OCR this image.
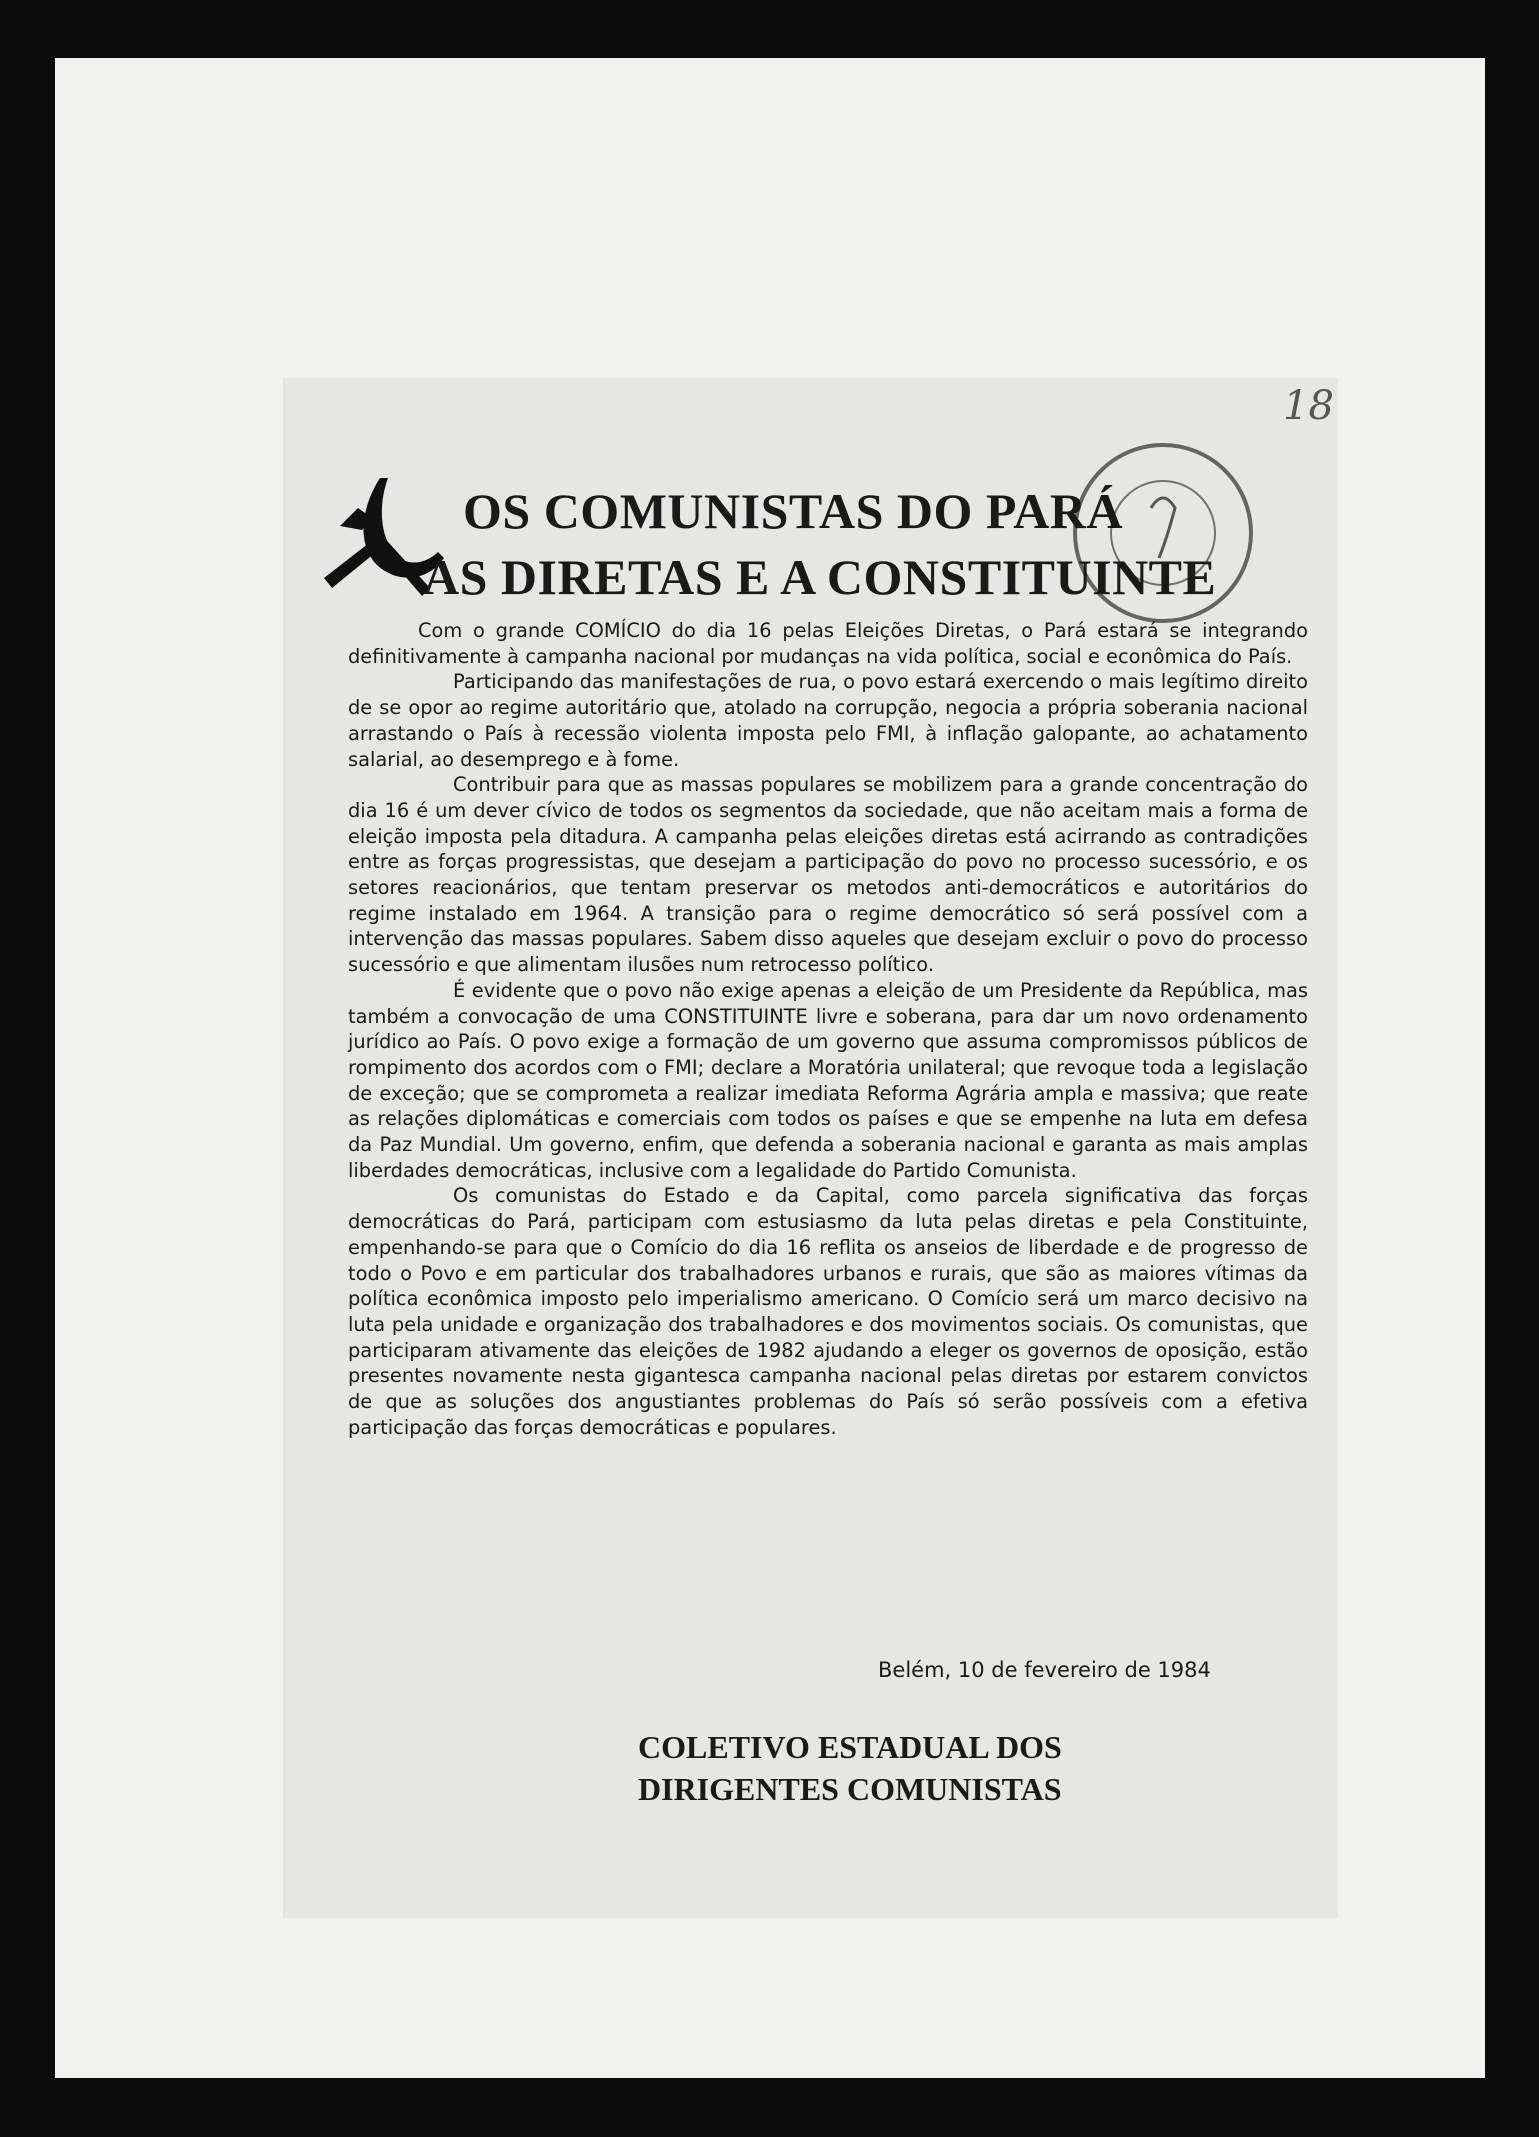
18
OS COMUNISTAS DO PARÁ
AS DIRETAS E A CONSTITUINTE

Com o grande COMÍCIO do dia 16 pelas Eleições Diretas, o Pará estará se integrando definitivamente à campanha nacional por mudanças na vida política, social e econômica do País.

Participando das manifestações de rua, o povo estará exercendo o mais legítimo direito de se opor ao regime autoritário que, atolado na corrupção, negocia a própria soberania nacional arrastando o País à recessão violenta imposta pelo FMI, à inflação galopante, ao achatamento salarial, ao desemprego e à fome.

Contribuir para que as massas populares se mobilizem para a grande concentração do dia 16 é um dever cívico de todos os segmentos da sociedade, que não aceitam mais a forma de eleição imposta pela ditadura. A campanha pelas eleições diretas está acirrando as contradições entre as forças progressistas, que desejam a participação do povo no processo sucessório, e os setores reacionários, que tentam preservar os metodos anti-democráticos e autoritários do regime instalado em 1964. A transição para o regime democrático só será possível com a intervenção das massas populares. Sabem disso aqueles que desejam excluir o povo do processo sucessório e que alimentam ilusões num retrocesso político.

É evidente que o povo não exige apenas a eleição de um Presidente da República, mas também a convocação de uma CONSTITUINTE livre e soberana, para dar um novo ordenamento jurídico ao País. O povo exige a formação de um governo que assuma compromissos públicos de rompimento dos acordos com o FMI; declare a Moratória unilateral; que revoque toda a legislação de exceção; que se comprometa a realizar imediata Reforma Agrária ampla e massiva; que reate as relações diplomáticas e comerciais com todos os países e que se empenhe na luta em defesa da Paz Mundial. Um governo, enfim, que defenda a soberania nacional e garanta as mais amplas liberdades democráticas, inclusive com a legalidade do Partido Comunista.

Os comunistas do Estado e da Capital, como parcela significativa das forças democráticas do Pará, participam com estusiasmo da luta pelas diretas e pela Constituinte, empenhando-se para que o Comício do dia 16 reflita os anseios de liberdade e de progresso de todo o Povo e em particular dos trabalhadores urbanos e rurais, que são as maiores vítimas da política econômica imposto pelo imperialismo americano. O Comício será um marco decisivo na luta pela unidade e organização dos trabalhadores e dos movimentos sociais. Os comunistas, que participaram ativamente das eleições de 1982 ajudando a eleger os governos de oposição, estão presentes novamente nesta gigantesca campanha nacional pelas diretas por estarem convictos de que as soluções dos angustiantes problemas do País só serão possíveis com a efetiva participação das forças democráticas e populares.

Belém, 10 de fevereiro de 1984
COLETIVO ESTADUAL DOS
DIRIGENTES COMUNISTAS
